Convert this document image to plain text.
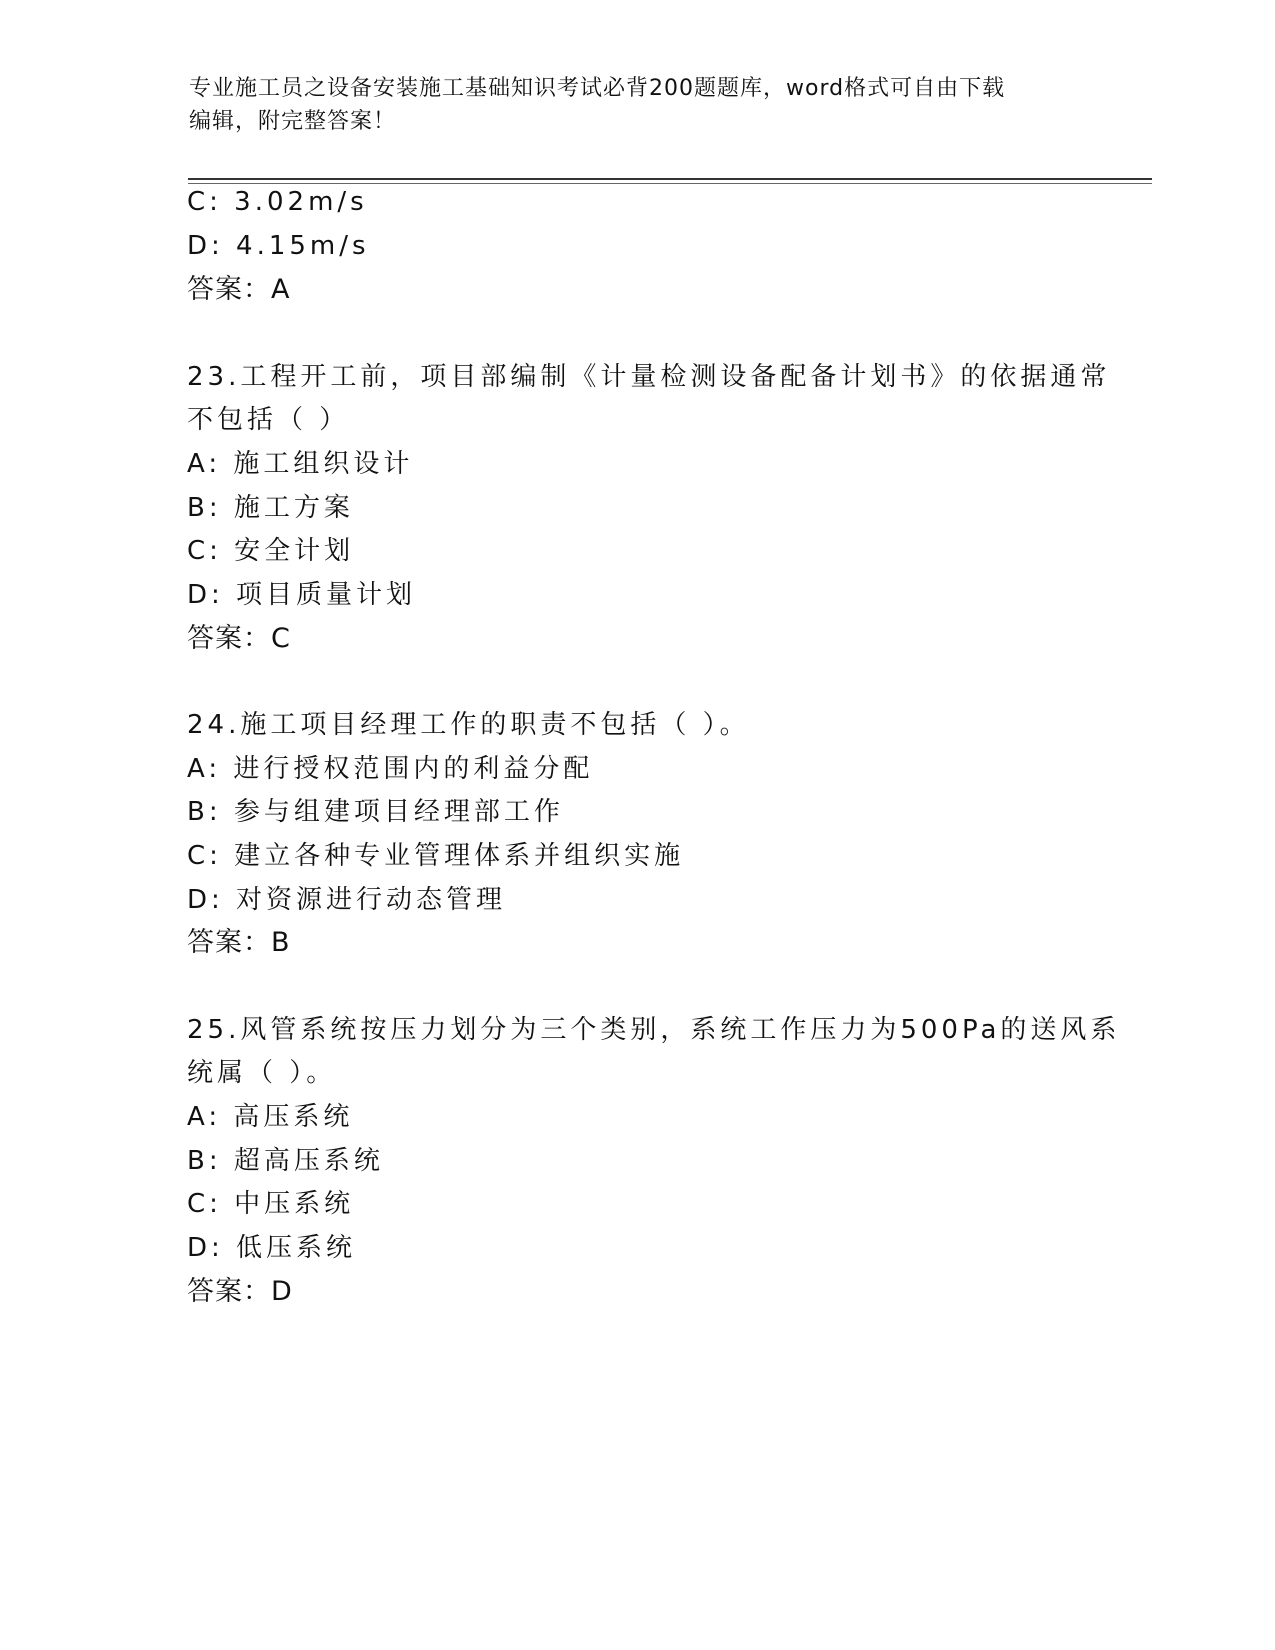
专业施工员之设备安装施工基础知识考试必背200题题库，word格式可自由下载
编辑，附完整答案！
C: 3.02m/s
D: 4.15m/s
答案：A
23.工程开工前，项目部编制《计量检测设备配备计划书》的依据通常
不包括（ ）
A: 施工组织设计
B: 施工方案
C: 安全计划
D: 项目质量计划
答案：C
24.施工项目经理工作的职责不包括（ ）。
A: 进行授权范围内的利益分配
B: 参与组建项目经理部工作
C: 建立各种专业管理体系并组织实施
D: 对资源进行动态管理
答案：B
25.风管系统按压力划分为三个类别，系统工作压力为500Pa的送风系
统属（ ）。
A: 高压系统
B: 超高压系统
C: 中压系统
D: 低压系统
答案：D
